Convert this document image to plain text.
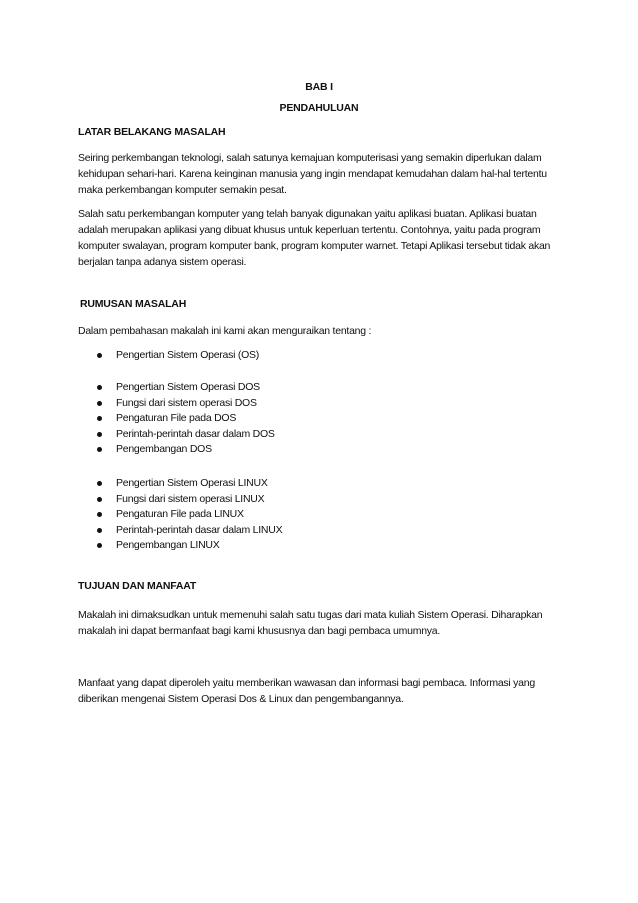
BAB I
PENDAHULUAN
LATAR BELAKANG MASALAH

Seiring perkembangan teknologi, salah satunya kemajuan komputerisasi yang semakin diperlukan dalam kehidupan sehari-hari. Karena keinginan manusia yang ingin mendapat kemudahan dalam hal-hal tertentu maka perkembangan komputer semakin pesat.

Salah satu perkembangan komputer yang telah banyak digunakan yaitu aplikasi buatan. Aplikasi buatan adalah merupakan aplikasi yang dibuat khusus untuk keperluan tertentu. Contohnya, yaitu pada program komputer swalayan, program komputer bank, program komputer warnet. Tetapi Aplikasi tersebut tidak akan berjalan tanpa adanya sistem operasi.

RUMUSAN MASALAH
Dalam pembahasan makalah ini kami akan menguraikan tentang :
Pengertian Sistem Operasi (OS)
Pengertian Sistem Operasi DOS
Fungsi dari sistem operasi DOS
Pengaturan File pada DOS
Perintah-perintah dasar dalam DOS
Pengembangan DOS
Pengertian Sistem Operasi LINUX
Fungsi dari sistem operasi LINUX
Pengaturan File pada LINUX
Perintah-perintah dasar dalam LINUX
Pengembangan LINUX
TUJUAN DAN MANFAAT

Makalah ini dimaksudkan untuk memenuhi salah satu tugas dari mata kuliah Sistem Operasi. Diharapkan makalah ini dapat bermanfaat bagi kami khususnya dan bagi pembaca umumnya.

Manfaat yang dapat diperoleh yaitu memberikan wawasan dan informasi bagi pembaca. Informasi yang diberikan mengenai Sistem Operasi Dos & Linux dan pengembangannya.
